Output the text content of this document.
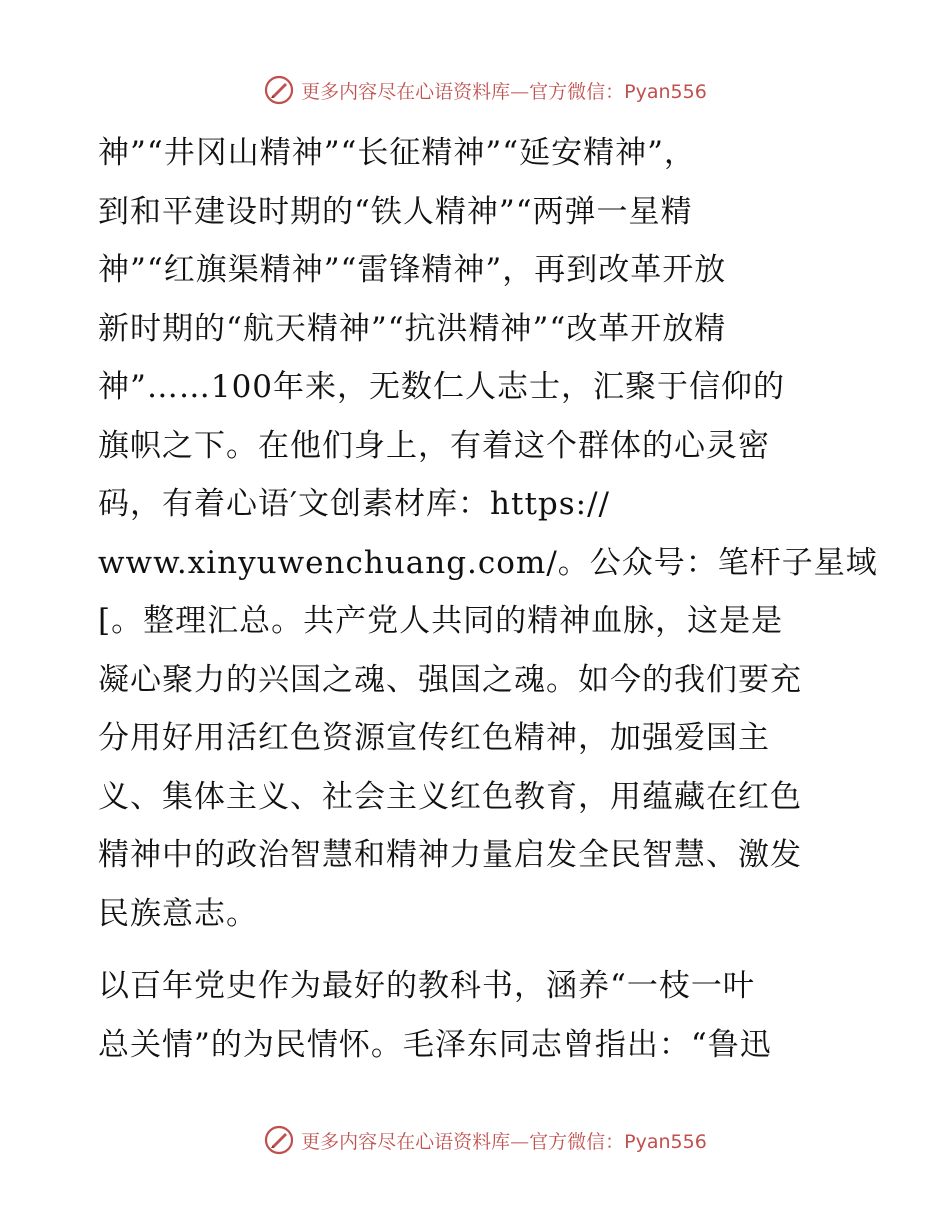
更多内容尽在心语资料库—官方微信：Pyan556

神”“井冈山精神”“长征精神”“延安精神”，
到和平建设时期的“铁人精神”“两弹一星精
神”“红旗渠精神”“雷锋精神”，再到改革开放
新时期的“航天精神”“抗洪精神”“改革开放精
神”……100年来，无数仁人志士，汇聚于信仰的
旗帜之下。在他们身上，有着这个群体的心灵密
码，有着心语′文创素材库：https://
www.xinyuwenchuang.com/。公众号：笔杆子星域
[。整理汇总。共产党人共同的精神血脉，这是是
凝心聚力的兴国之魂、强国之魂。如今的我们要充
分用好用活红色资源宣传红色精神，加强爱国主
义、集体主义、社会主义红色教育，用蕴藏在红色
精神中的政治智慧和精神力量启发全民智慧、激发
民族意志。

以百年党史作为最好的教科书，涵养“一枝一叶
总关情”的为民情怀。毛泽东同志曾指出：“鲁迅

更多内容尽在心语资料库—官方微信：Pyan556
